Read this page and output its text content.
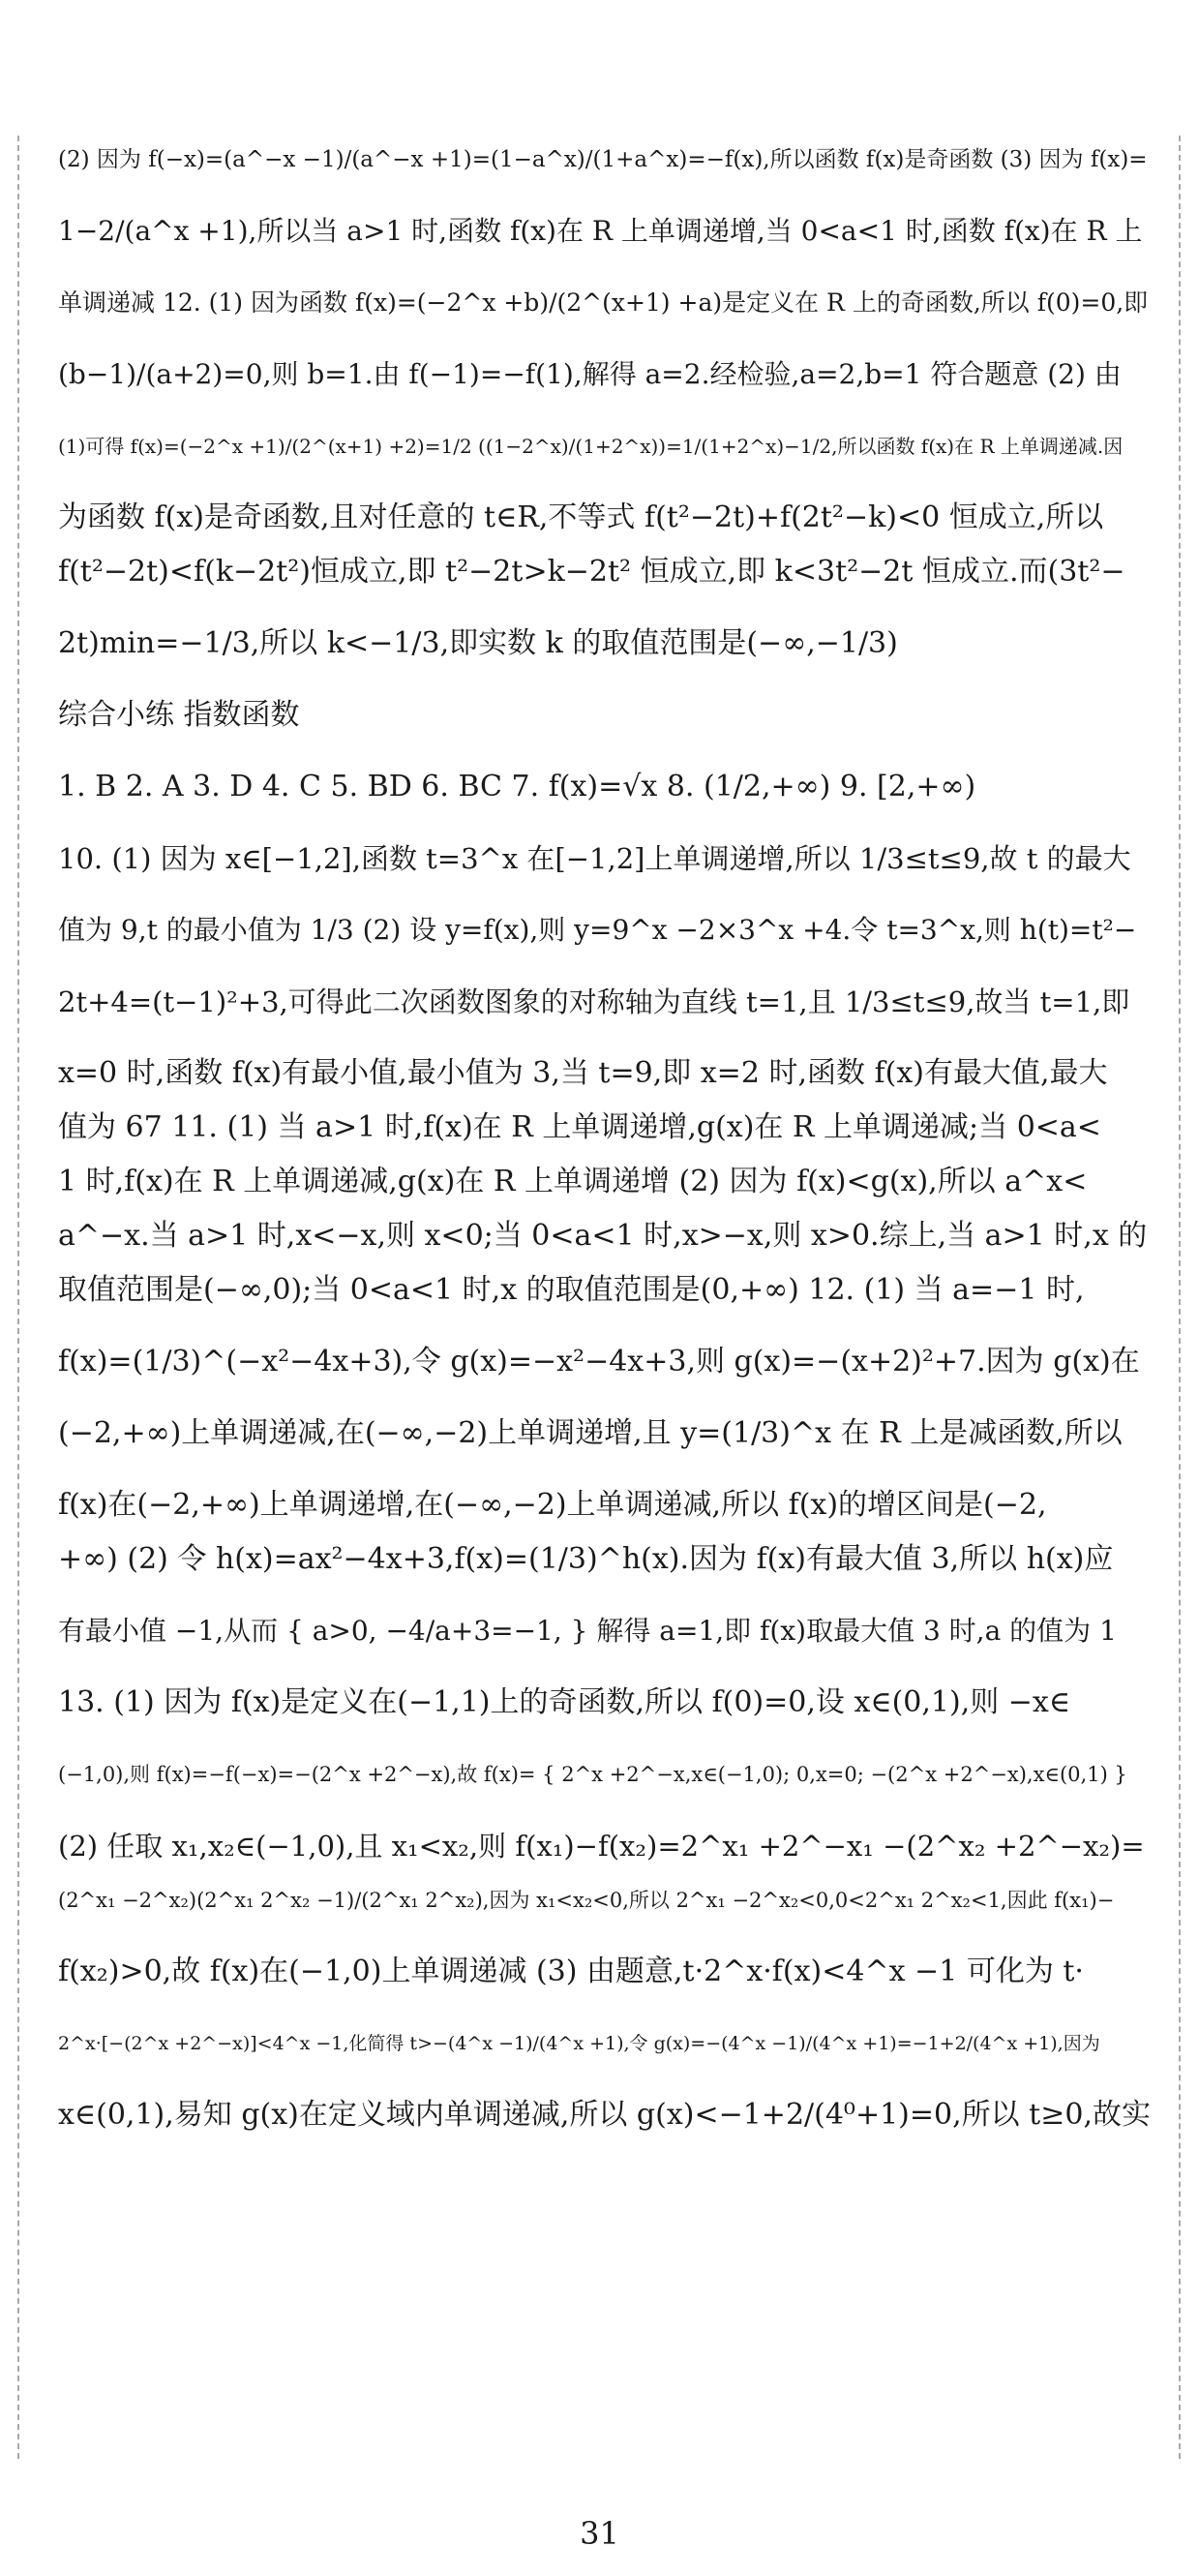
(2) 因为 f(−x)=(a^−x −1)/(a^−x +1)=(1−a^x)/(1+a^x)=−f(x),所以函数 f(x)是奇函数 (3) 因为 f(x)=
1−2/(a^x +1),所以当 a>1 时,函数 f(x)在 R 上单调递增,当 0<a<1 时,函数 f(x)在 R 上
单调递减 12. (1) 因为函数 f(x)=(−2^x +b)/(2^(x+1) +a)是定义在 R 上的奇函数,所以 f(0)=0,即
(b−1)/(a+2)=0,则 b=1.由 f(−1)=−f(1),解得 a=2.经检验,a=2,b=1 符合题意 (2) 由
(1)可得 f(x)=(−2^x +1)/(2^(x+1) +2)=1/2 ((1−2^x)/(1+2^x))=1/(1+2^x)−1/2,所以函数 f(x)在 R 上单调递减.因
为函数 f(x)是奇函数,且对任意的 t∈R,不等式 f(t²−2t)+f(2t²−k)<0 恒成立,所以
f(t²−2t)<f(k−2t²)恒成立,即 t²−2t>k−2t² 恒成立,即 k<3t²−2t 恒成立.而(3t²−
2t)min=−1/3,所以 k<−1/3,即实数 k 的取值范围是(−∞,−1/3)
综合小练 指数函数
1. B 2. A 3. D 4. C 5. BD 6. BC 7. f(x)=√x 8. (1/2,+∞) 9. [2,+∞)
10. (1) 因为 x∈[−1,2],函数 t=3^x 在[−1,2]上单调递增,所以 1/3≤t≤9,故 t 的最大
值为 9,t 的最小值为 1/3 (2) 设 y=f(x),则 y=9^x −2×3^x +4.令 t=3^x,则 h(t)=t²−
2t+4=(t−1)²+3,可得此二次函数图象的对称轴为直线 t=1,且 1/3≤t≤9,故当 t=1,即
x=0 时,函数 f(x)有最小值,最小值为 3,当 t=9,即 x=2 时,函数 f(x)有最大值,最大
值为 67 11. (1) 当 a>1 时,f(x)在 R 上单调递增,g(x)在 R 上单调递减;当 0<a<
1 时,f(x)在 R 上单调递减,g(x)在 R 上单调递增 (2) 因为 f(x)<g(x),所以 a^x<
a^−x.当 a>1 时,x<−x,则 x<0;当 0<a<1 时,x>−x,则 x>0.综上,当 a>1 时,x 的
取值范围是(−∞,0);当 0<a<1 时,x 的取值范围是(0,+∞) 12. (1) 当 a=−1 时,
f(x)=(1/3)^(−x²−4x+3),令 g(x)=−x²−4x+3,则 g(x)=−(x+2)²+7.因为 g(x)在
(−2,+∞)上单调递减,在(−∞,−2)上单调递增,且 y=(1/3)^x 在 R 上是减函数,所以
f(x)在(−2,+∞)上单调递增,在(−∞,−2)上单调递减,所以 f(x)的增区间是(−2,
+∞) (2) 令 h(x)=ax²−4x+3,f(x)=(1/3)^h(x).因为 f(x)有最大值 3,所以 h(x)应
有最小值 −1,从而 { a>0, −4/a+3=−1, } 解得 a=1,即 f(x)取最大值 3 时,a 的值为 1
13. (1) 因为 f(x)是定义在(−1,1)上的奇函数,所以 f(0)=0,设 x∈(0,1),则 −x∈
(−1,0),则 f(x)=−f(−x)=−(2^x +2^−x),故 f(x)= { 2^x +2^−x,x∈(−1,0); 0,x=0; −(2^x +2^−x),x∈(0,1) }
(2) 任取 x₁,x₂∈(−1,0),且 x₁<x₂,则 f(x₁)−f(x₂)=2^x₁ +2^−x₁ −(2^x₂ +2^−x₂)=
(2^x₁ −2^x₂)(2^x₁ 2^x₂ −1)/(2^x₁ 2^x₂),因为 x₁<x₂<0,所以 2^x₁ −2^x₂<0,0<2^x₁ 2^x₂<1,因此 f(x₁)−
f(x₂)>0,故 f(x)在(−1,0)上单调递减 (3) 由题意,t·2^x·f(x)<4^x −1 可化为 t·
2^x·[−(2^x +2^−x)]<4^x −1,化简得 t>−(4^x −1)/(4^x +1),令 g(x)=−(4^x −1)/(4^x +1)=−1+2/(4^x +1),因为
x∈(0,1),易知 g(x)在定义域内单调递减,所以 g(x)<−1+2/(4⁰+1)=0,所以 t≥0,故实
31
